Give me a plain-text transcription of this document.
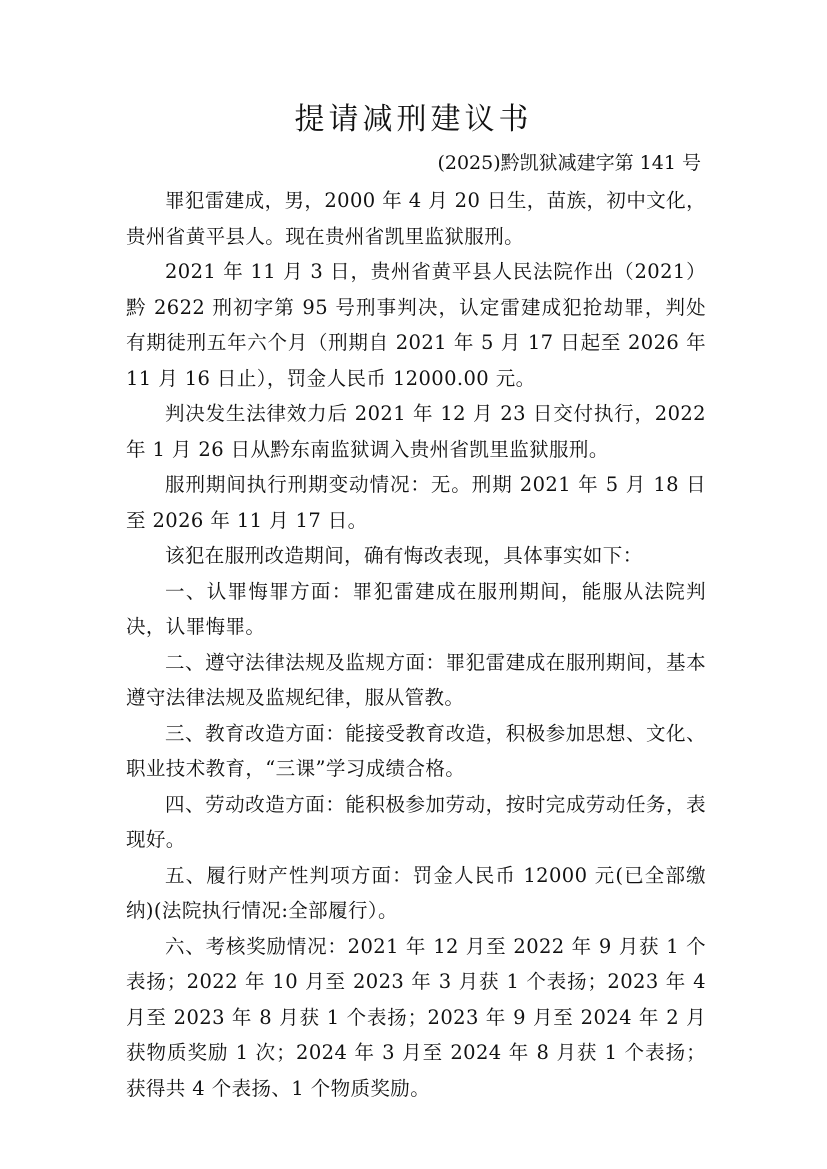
提请减刑建议书
(2025)黔凯狱减建字第 141 号

罪犯雷建成，男，2000 年 4 月 20 日生，苗族，初中文化，贵州省黄平县人。现在贵州省凯里监狱服刑。

2021 年 11 月 3 日，贵州省黄平县人民法院作出（2021）黔 2622 刑初字第 95 号刑事判决，认定雷建成犯抢劫罪，判处有期徒刑五年六个月（刑期自 2021 年 5 月 17 日起至 2026 年 11 月 16 日止），罚金人民币 12000.00 元。

判决发生法律效力后 2021 年 12 月 23 日交付执行，2022 年 1 月 26 日从黔东南监狱调入贵州省凯里监狱服刑。

服刑期间执行刑期变动情况：无。刑期 2021 年 5 月 18 日至 2026 年 11 月 17 日。

该犯在服刑改造期间，确有悔改表现，具体事实如下：

一、认罪悔罪方面：罪犯雷建成在服刑期间，能服从法院判决，认罪悔罪。

二、遵守法律法规及监规方面：罪犯雷建成在服刑期间，基本遵守法律法规及监规纪律，服从管教。

三、教育改造方面：能接受教育改造，积极参加思想、文化、职业技术教育，“三课”学习成绩合格。

四、劳动改造方面：能积极参加劳动，按时完成劳动任务，表现好。

五、履行财产性判项方面：罚金人民币 12000 元(已全部缴纳)(法院执行情况:全部履行）。

六、考核奖励情况：2021 年 12 月至 2022 年 9 月获 1 个表扬；2022 年 10 月至 2023 年 3 月获 1 个表扬；2023 年 4 月至 2023 年 8 月获 1 个表扬；2023 年 9 月至 2024 年 2 月获物质奖励 1 次；2024 年 3 月至 2024 年 8 月获 1 个表扬；获得共 4 个表扬、1 个物质奖励。
